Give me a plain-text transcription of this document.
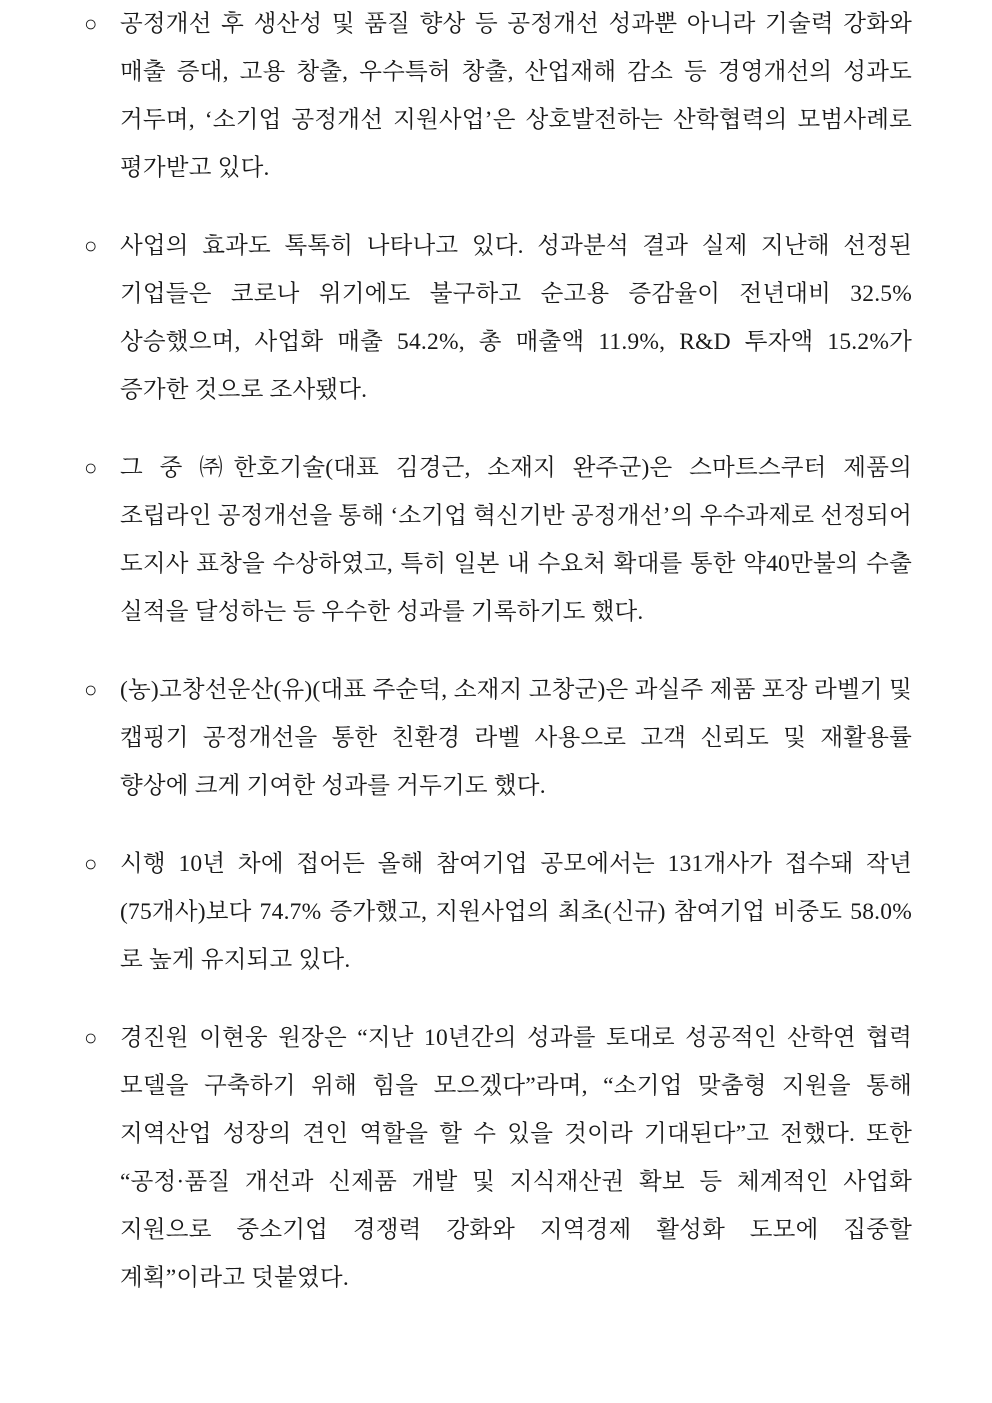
○ 공정개선 후 생산성 및 품질 향상 등 공정개선 성과뿐 아니라 기술력 강화와 매출 증대, 고용 창출, 우수특허 창출, 산업재해 감소 등 경영개선의 성과도 거두며, ‘소기업 공정개선 지원사업’은 상호발전하는 산학협력의 모범사례로 평가받고 있다.
○ 사업의 효과도 톡톡히 나타나고 있다. 성과분석 결과 실제 지난해 선정된 기업들은 코로나 위기에도 불구하고 순고용 증감율이 전년대비 32.5% 상승했으며, 사업화 매출 54.2%, 총 매출액 11.9%, R&D 투자액 15.2%가 증가한 것으로 조사됐다.
○ 그 중 ㈜한호기술(대표 김경근, 소재지 완주군)은 스마트스쿠터 제품의 조립라인 공정개선을 통해 ‘소기업 혁신기반 공정개선’의 우수과제로 선정되어 도지사 표창을 수상하였고, 특히 일본 내 수요처 확대를 통한 약40만불의 수출 실적을 달성하는 등 우수한 성과를 기록하기도 했다.
○ (농)고창선운산(유)(대표 주순덕, 소재지 고창군)은 과실주 제품 포장 라벨기 및 캡핑기 공정개선을 통한 친환경 라벨 사용으로 고객 신뢰도 및 재활용률 향상에 크게 기여한 성과를 거두기도 했다.
○ 시행 10년 차에 접어든 올해 참여기업 공모에서는 131개사가 접수돼 작년(75개사)보다 74.7% 증가했고, 지원사업의 최초(신규) 참여기업 비중도 58.0%로 높게 유지되고 있다.
○ 경진원 이현웅 원장은 “지난 10년간의 성과를 토대로 성공적인 산학연 협력 모델을 구축하기 위해 힘을 모으겠다”라며, “소기업 맞춤형 지원을 통해 지역산업 성장의 견인 역할을 할 수 있을 것이라 기대된다”고 전했다. 또한 “공정·품질 개선과 신제품 개발 및 지식재산권 확보 등 체계적인 사업화 지원으로 중소기업 경쟁력 강화와 지역경제 활성화 도모에 집중할 계획”이라고 덧붙였다.
